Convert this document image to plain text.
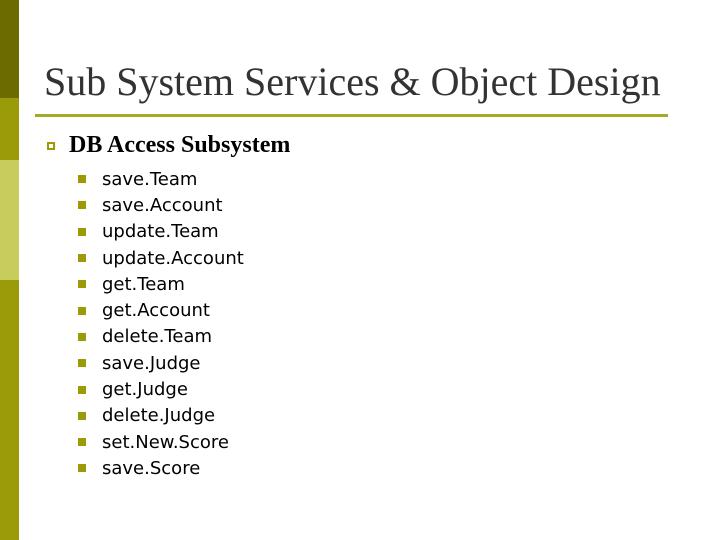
Sub System Services & Object Design
DB Access Subsystem
save.Team
save.Account
update.Team
update.Account
get.Team
get.Account
delete.Team
save.Judge
get.Judge
delete.Judge
set.New.Score
save.Score
